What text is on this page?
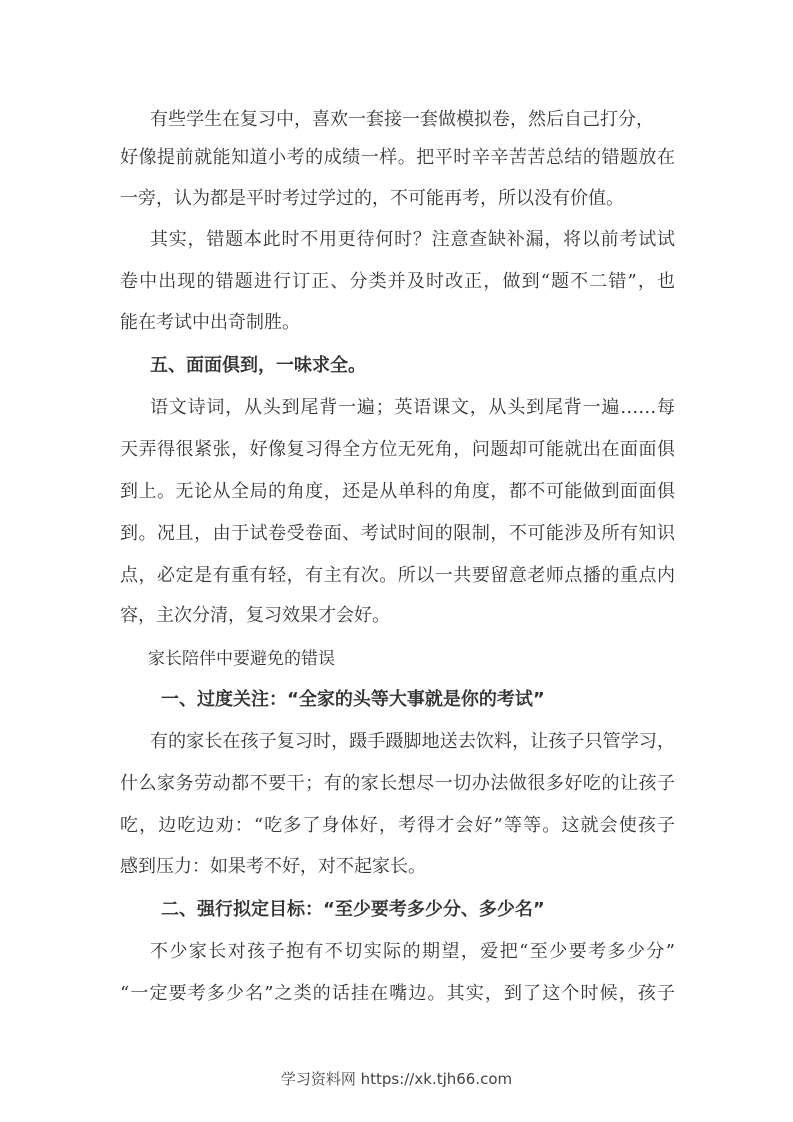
有些学生在复习中，喜欢一套接一套做模拟卷，然后自己打分，
好像提前就能知道小考的成绩一样。把平时辛辛苦苦总结的错题放在
一旁，认为都是平时考过学过的，不可能再考，所以没有价值。
其实，错题本此时不用更待何时？注意查缺补漏，将以前考试试
卷中出现的错题进行订正、分类并及时改正，做到“题不二错”，也
能在考试中出奇制胜。
五、面面俱到，一味求全。
语文诗词，从头到尾背一遍；英语课文，从头到尾背一遍……每
天弄得很紧张，好像复习得全方位无死角，问题却可能就出在面面俱
到上。无论从全局的角度，还是从单科的角度，都不可能做到面面俱
到。况且，由于试卷受卷面、考试时间的限制，不可能涉及所有知识
点，必定是有重有轻，有主有次。所以一共要留意老师点播的重点内
容，主次分清，复习效果才会好。
家长陪伴中要避免的错误
一、过度关注：“全家的头等大事就是你的考试”
有的家长在孩子复习时，蹑手蹑脚地送去饮料，让孩子只管学习，
什么家务劳动都不要干；有的家长想尽一切办法做很多好吃的让孩子
吃，边吃边劝：“吃多了身体好，考得才会好”等等。这就会使孩子
感到压力：如果考不好，对不起家长。
二、强行拟定目标：“至少要考多少分、多少名”
不少家长对孩子抱有不切实际的期望，爱把“至少要考多少分”
“一定要考多少名”之类的话挂在嘴边。其实，到了这个时候，孩子
学习资料网 https://xk.tjh66.com
